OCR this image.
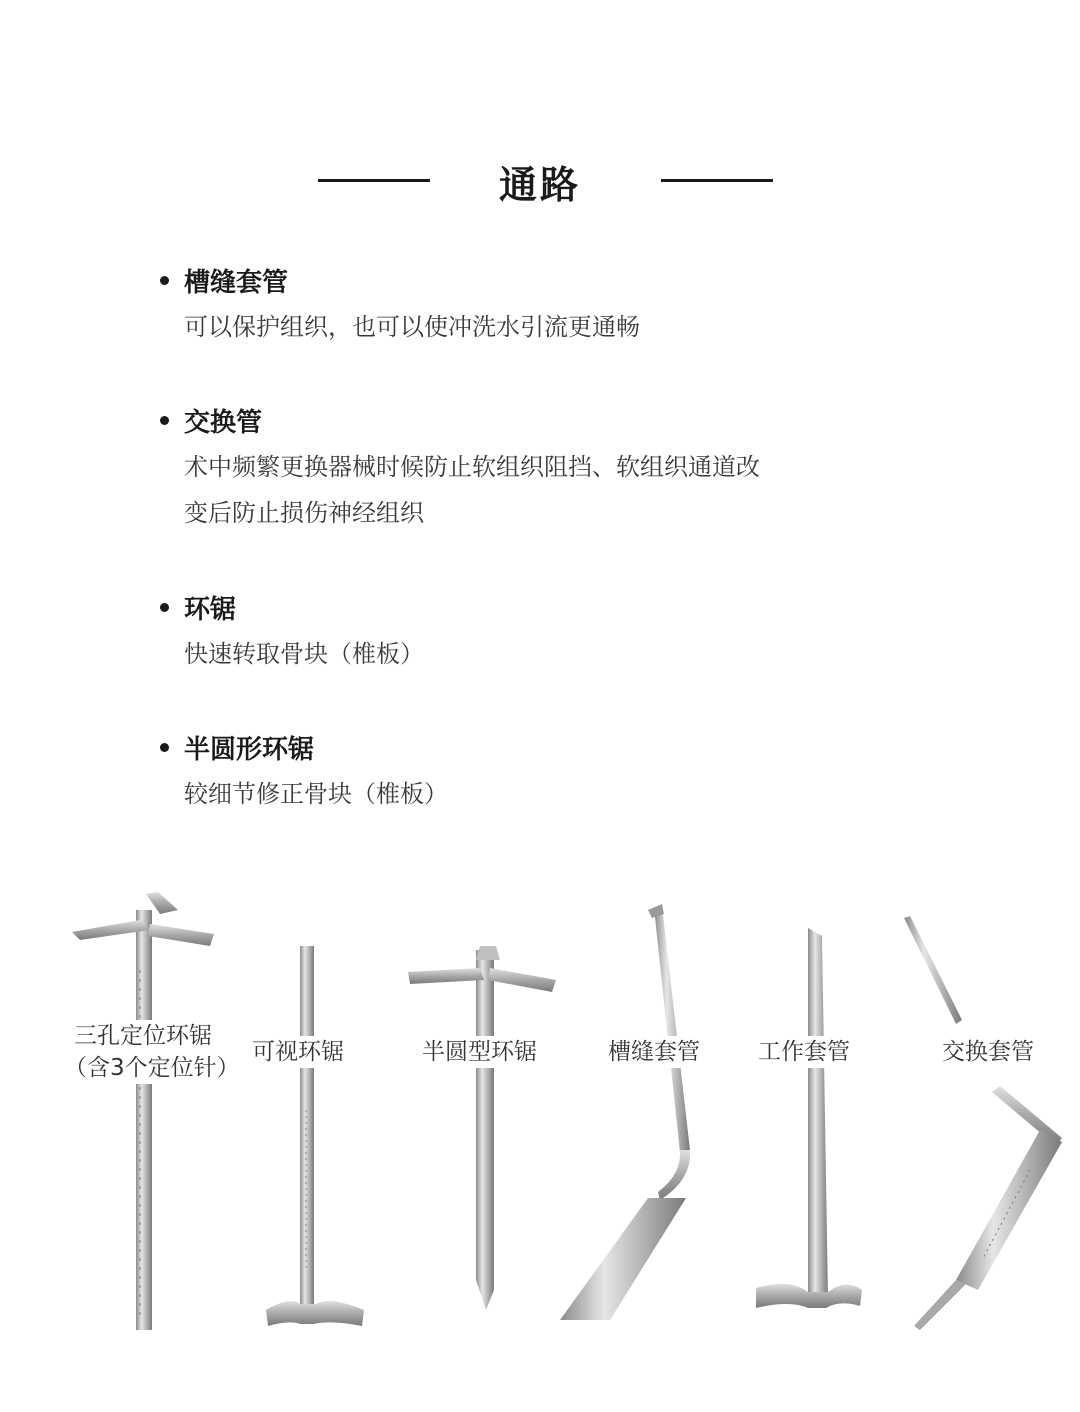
通路
槽缝套管
可以保护组织，也可以使冲洗水引流更通畅
交换管
术中频繁更换器械时候防止软组织阻挡、软组织通道改
变后防止损伤神经组织
环锯
快速转取骨块（椎板）
半圆形环锯
较细节修正骨块（椎板）
三孔定位环锯
（含3个定位针）
可视环锯	半圆型环锯	槽缝套管	工作套管	交换套管
